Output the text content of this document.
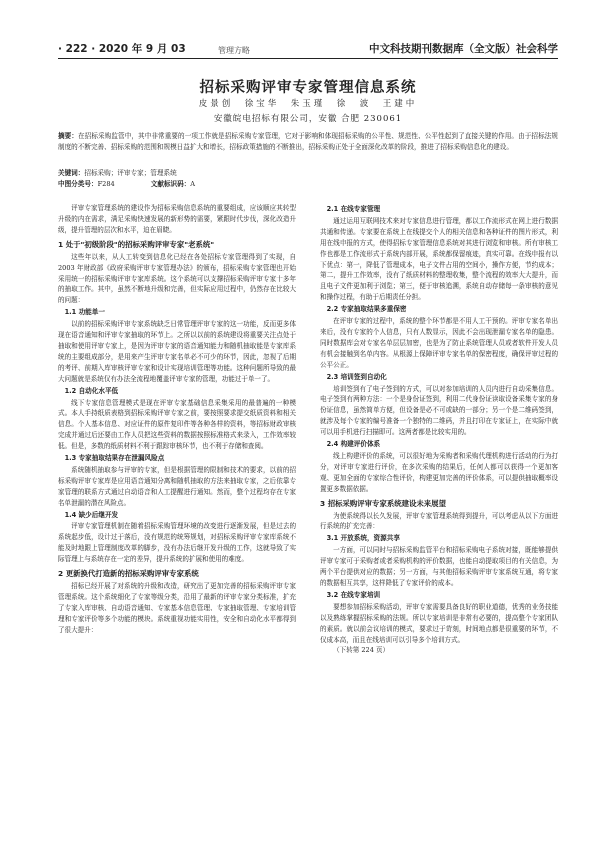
· 222 · 2020 年 9 月 03	管理方略	中文科技期刊数据库（全文版）社会科学
招标采购评审专家管理信息系统
皮景创　徐宝华　朱玉瑾　徐　波　王建中
安徽皖电招标有限公司，安徽 合肥 230061
摘要：在招标采购监管中，其中非常重要的一项工作就是招标采购专家管理，它对于影响和体现招标采购的公平性、规范性、公平性起到了直接关键的作用。由于招标法规制度的不断完善、招标采购的范围和规模日益扩大和增长，招标政策措施的不断推出，招标采购正处于全面深化改革的阶段，推进了招标采购信息化的建设。
关键词：招标采购；评审专家；管理系统
中图分类号：F284	文献标识码：A

评审专家管理系统的建设作为招标采购信息系统的重要组成，应该顺应其转型升级的内在需求，满足采购快速发展的新形势的需要，紧跟时代步伐，深化改造升级，提升管理的层次和水平，迫在眉睫。

1 处于"初级阶段"的招标采购评审专家"老系统"

这些年以来，从人工转变到信息化已经在各处招标专家管理得到了实现，自 2003 年财政部《政府采购评审专家管理办法》的颁布，招标采购专家管理也开始采用统一的招标采购评审专家库系统。这个系统可以支撑招标采购评审专家十多年的抽取工作。其中，虽然不断地升级和完善，但实际应用过程中，仍然存在比较大的问题：

1.1 功能单一

以前的招标采购评审专家系统缺乏日常管理评审专家的这一功能，反而更多体现在语音通知和评审专家抽取的环节上。之所以以前的系统建设将重要关注点处于抽取和使用评审专家上，是因为评审专家的语音通知能力和随机抽取能是专家库系统的主要组成部分，是用来产生评审专家名单必不可少的环节，因此，忽视了后期的考评、前期入库审核评审专家和设计实现培训管理等功能。这种问题所导致的最大问题就是系统仅有办法全流程地覆盖评审专家的管理，功能过于单一了。

1.2 自动化水平低

线下专家信息管理模式是现在评审专家基础信息采集采用的最普遍的一种模式。本人手持纸质表格到招标采购评审专家之前，要按照要求提交纸质资料和相关信息。个人基本信息、对应证件的原件复印件等各种各样的资料，等招标财政审核完成并通过后还要由工作人员把这些资料的数据按照标准格式来录入，工作效率较低。但是，多数的纸质材料不利于跟踪审核环节，也不利于存储和查阅。

1.3 专家抽取结果存在泄漏风险点

系统随机抽取参与评审的专家，但是根据管理的限制和技术的要求，以前的招标采购评审专家库是应用语音通知分离和随机抽取的方法来抽取专家，之后依靠专家管理的联系方式通过自动语音和人工提醒进行通知。然而，整个过程均存在专家名单泄漏的潜在风险点。

1.4 缺少后继开发

评审专家管理机制在随着招标采购管理环境的改变进行逐渐发展，但是过去的系统起步低，设计过于落后，没有规范的统筹规划，对招标采购评审专家库系统不能及时地跟上管理制度改革的脚步，没有办法后继开发升级的工作，这就导致了实际管理上与系统存在一定的差异，提升系统的扩展和使用的难度。

2 更新换代打造新的招标采购评审专家系统

招标已经开展了对系统的升级和改造，研究出了更加完善的招标采购评审专家管理系统。这个系统细化了专家等级分类，沿用了最新的评审专家分类标准，扩充了专家入库审核、自动语音通知、专家基本信息管理、专家抽取管理、专家培训管理和专家评价等多个功能的模块。系统重视功能实用性，安全和自动化水平都得到了很大提升：

2.1 在线专家管理

通过运用互联网技术来对专家信息进行管理，都以工作流形式在网上进行数据共通和传递。专家要在系统上在线提交个人的相关信息和各种证件的图片形式，利用在线申报的方式，使得招标专家管理信息系统对其进行浏览和审核。所有审核工作也都是工作流形式于系统内部开展，系统都保留痕迹，真实可靠。在线申报有以下优点：第一，降低了管理成本，电子文件占用的空间小，操作方便，节约成本；第二，提升工作效率，没有了纸质材料的整理收集，整个流程的效率大大提升，而且电子文件更加利于浏览；第三，便于审核追溯，系统自动存储每一条审核的意见和操作过程，有助于后期责任分担。

2.2 专家抽取结果多重保密

在评审专家的过程中，系统的整个环节都是不用人工干预的。评审专家名单出来后，没有专家的个人信息，只有人数显示，因此不会出现泄漏专家名单的隐患。同时数据库会对专家名单层层加密，也是为了防止系统管理人员或者软件开发人员有机会接触到名单内容。从根源上保障评审专家名单的保密程度，确保评审过程的公平公正。

2.3 培训签到自动化

培训签到有了电子签到的方式，可以对参加培训的人员内进行自动采集信息。电子签到有两种方法：一个是身份证签到，利用二代身份证读取设备采集专家的身份证信息，虽然简单方便，但设备是必不可或缺的一部分；另一个是二维码签到，就涉及每个专家的编号准备一个独特的二维码，并且打印在专家证上，在实际中就可以用手机进行扫描即可。这两者都是比较实用的。

2.4 构建评价体系

线上构建评价的系统，可以很好地为采购者和采购代理机构进行活动的行为打分，对评审专家进行评价，在多次采购的结果后，任何人都可以获得一个更加客观、更加全面的专家综合性评价，构建更加完善的评价体系，可以提供抽取概率设置更多数据依据。

3 招标采购评审专家系统建设未来展望

为使系统得以长久发展，评审专家管理系统得到提升，可以考虑从以下方面进行系统的扩充完善：

3.1 开放系统，资源共享

一方面，可以同时与招标采购监管平台和招标采购电子系统对接，既能够提供评审专家可于采购者或者采购机构的评价数据，也能自动提取项目的有关信息，为两个平台提供对应的数据；另一方面，与其他招标采购评审专家系统互通，将专家的数据相互共享，这样降低了专家评价的成本。

3.2 在线专家培训

要想参加招标采购活动，评审专家需要具备良好的职业道德，优秀的业务技能以及熟练掌握招标采购的法规。所以专家培训是非常有必要的，提高整个专家团队的素质。就以前会议培训的模式，要求过于苛刻，时间地点都是很重要的环节，不仅成本高，而且在线培训可以引导多个培训方式。

（下转第 224 页）
